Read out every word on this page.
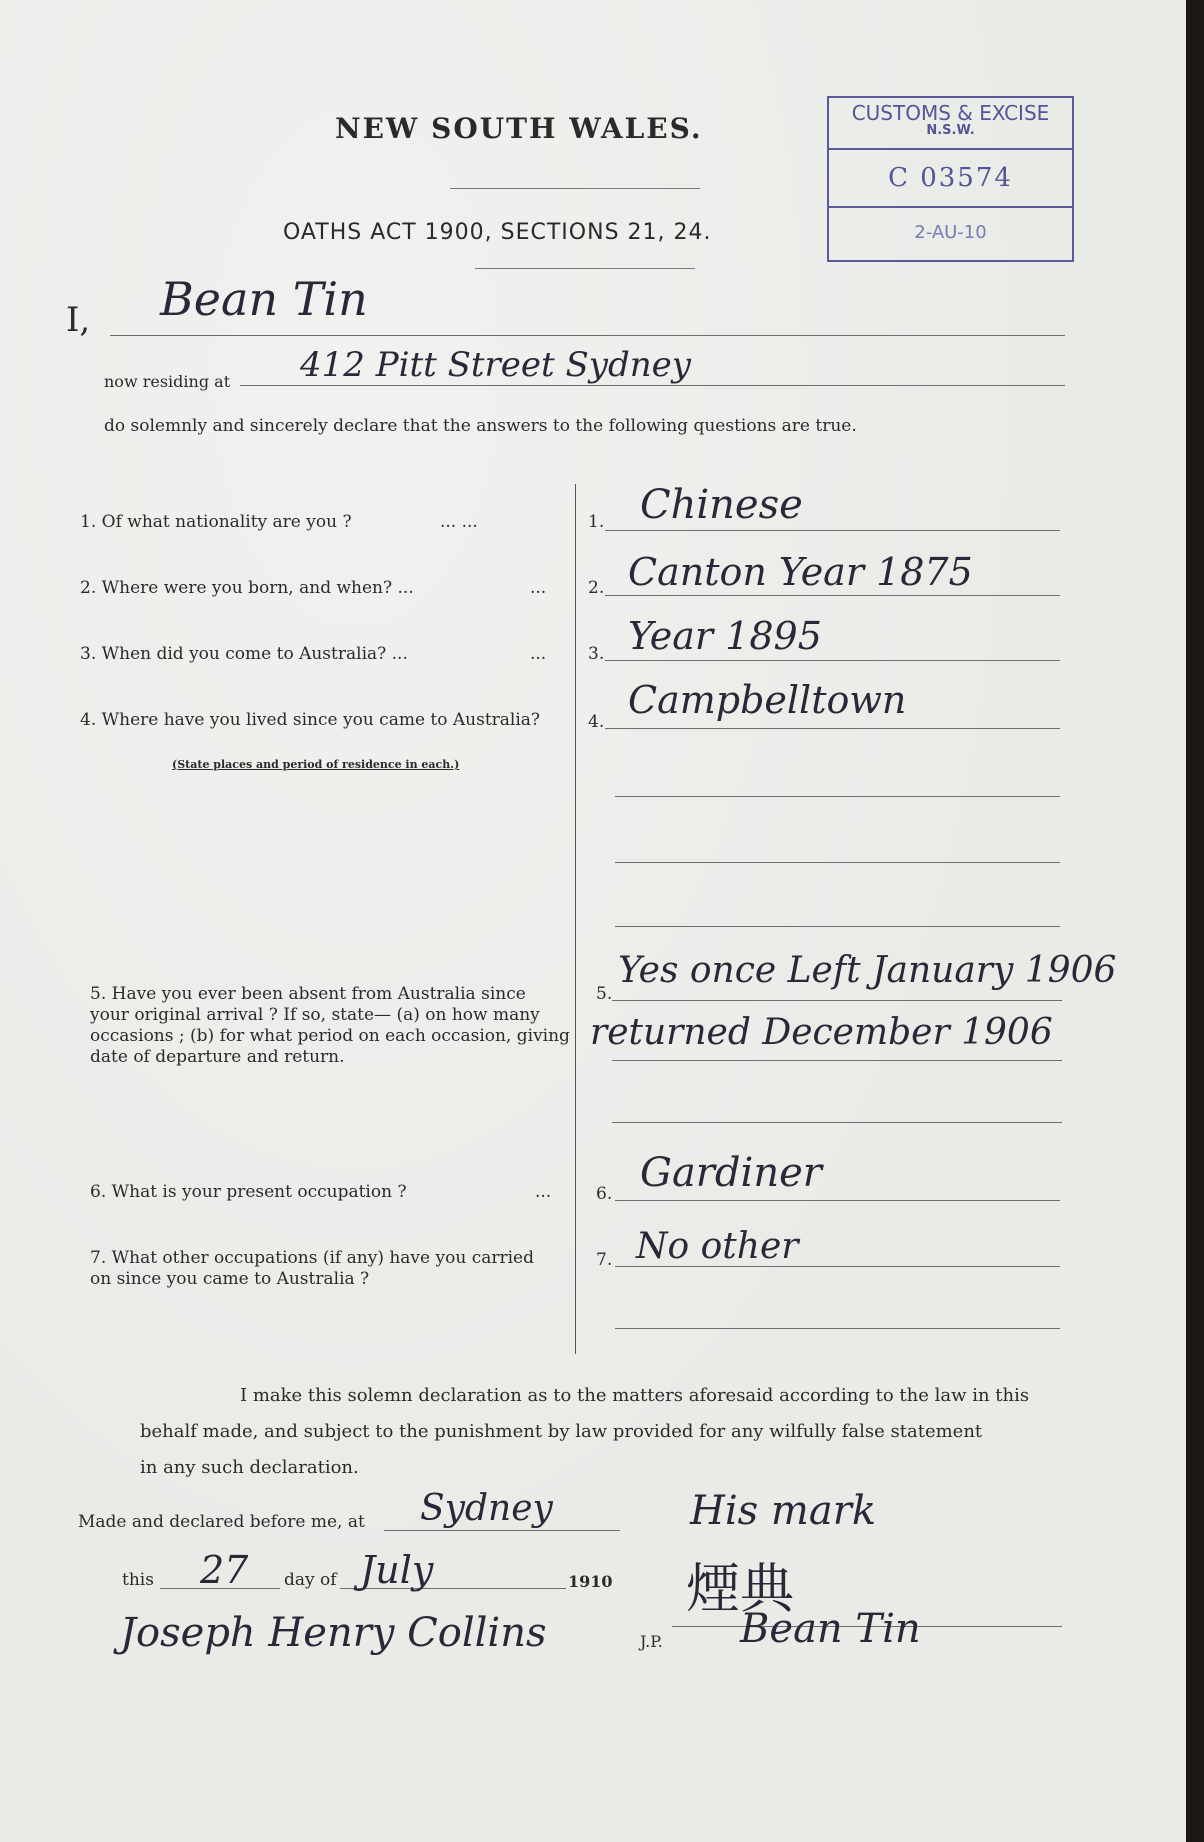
NEW SOUTH WALES.
OATHS ACT 1900, SECTIONS 21, 24.
CUSTOMS & EXCISE
N.S.W.
C 03574
2-AU-10
I, Bean Tin
now residing at 412 Pitt Street Sydney
do solemnly and sincerely declare that the answers to the following questions are true.
1. Of what nationality are you ?	... ...	1. Chinese
2. Where were you born, and when? ...	... 2. Canton Year 1875
3. When did you come to Australia? ...	... 3. Year 1895
4. Where have you lived since you came to Australia?
(State places and period of residence in each.)
4. Campbelltown
5. Have you ever been absent from Australia since your original arrival ? If so, state— (a) on how many occasions ; (b) for what period on each occasion, giving date of departure and return.
5.
Yes once Left January 1906
returned December 1906
6. What is your present occupation ?	...	6. Gardiner
7. What other occupations (if any) have you carried on since you came to Australia ?
7. No other
I make this solemn declaration as to the matters aforesaid according to the law in this
behalf made, and subject to the punishment by law provided for any wilfully false statement
in any such declaration.
Made and declared before me, at Sydney
this 27 day of July	1910
Joseph Henry Collins	J.P.
His mark
煙典
Bean Tin
